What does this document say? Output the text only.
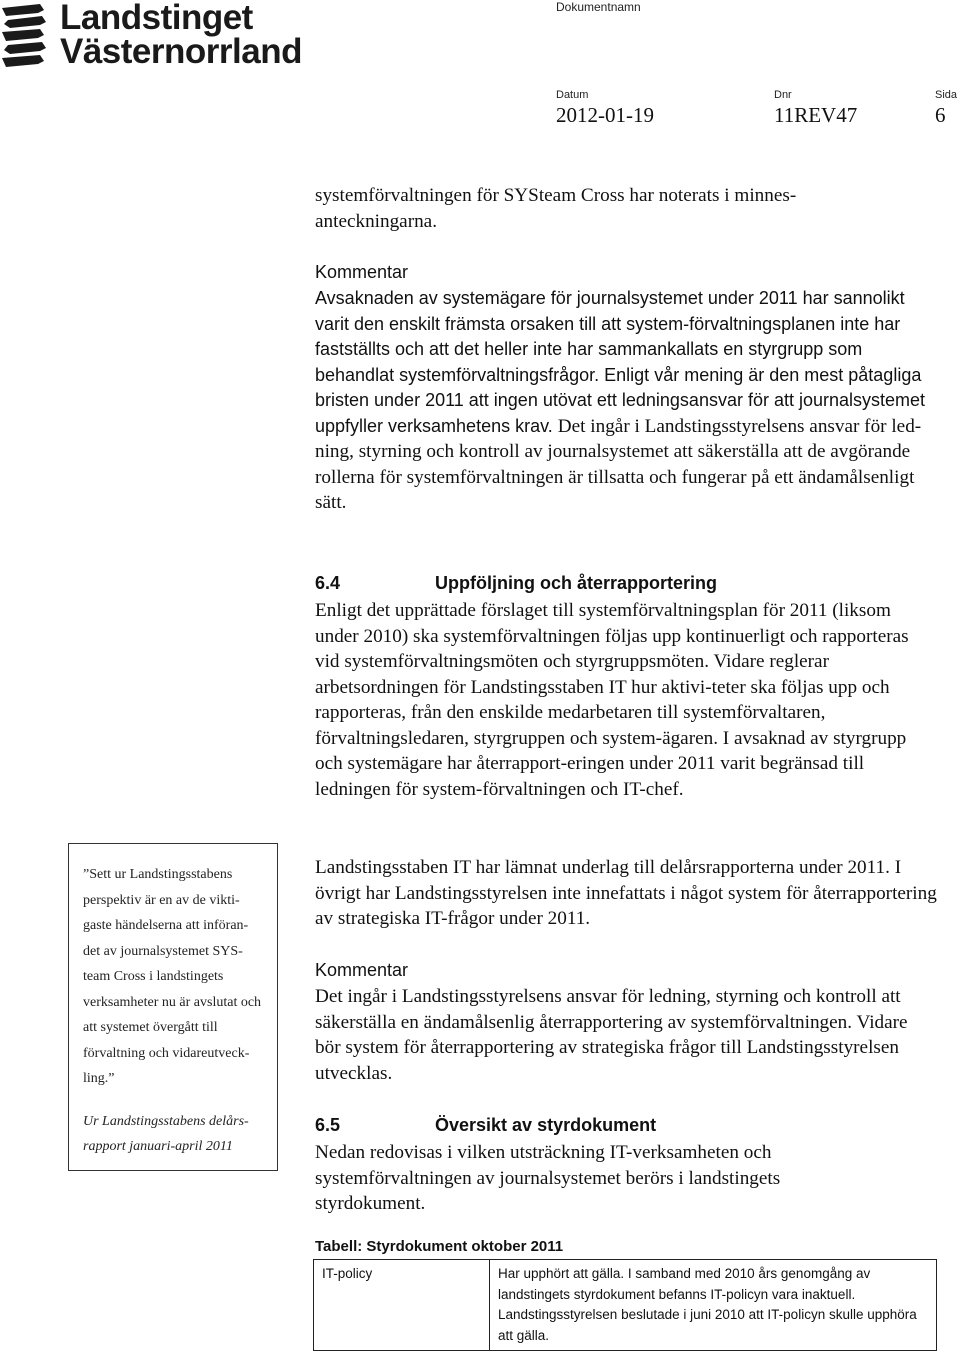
Landstinget
Västernorrland
Dokumentnamn
Datum	Dnr	Sida
2012-01-19	11REV47	6
systemförvaltningen för SYSteam Cross har noterats i minnes-anteckningarna.
Kommentar
Avsaknaden av systemägare för journalsystemet under 2011 har sannolikt varit den enskilt främsta orsaken till att system-förvaltningsplanen inte har fastställts och att det heller inte har sammankallats en styrgrupp som behandlat systemförvaltningsfrågor. Enligt vår mening är den mest påtagliga bristen under 2011 att ingen utövat ett ledningsansvar för att journalsystemet uppfyller verksamhetens krav. Det ingår i Landstingsstyrelsens ansvar för led-ning, styrning och kontroll av journalsystemet att säkerställa att de avgörande rollerna för systemförvaltningen är tillsatta och fungerar på ett ändamålsenligt sätt.
6.4	Uppföljning och återrapportering
Enligt det upprättade förslaget till systemförvaltningsplan för 2011 (liksom under 2010) ska systemförvaltningen följas upp kontinuerligt och rapporteras vid systemförvaltningsmöten och styrgruppsmöten. Vidare reglerar arbetsordningen för Landstingsstaben IT hur aktivi-teter ska följas upp och rapporteras, från den enskilde medarbetaren till systemförvaltaren, förvaltningsledaren, styrgruppen och system-ägaren. I avsaknad av styrgrupp och systemägare har återrapport-eringen under 2011 varit begränsad till ledningen för system-förvaltningen och IT-chef.
Landstingsstaben IT har lämnat underlag till delårsrapporterna under 2011. I övrigt har Landstingsstyrelsen inte innefattats i något system för återrapportering av strategiska IT-frågor under 2011.
Kommentar
Det ingår i Landstingsstyrelsens ansvar för ledning, styrning och kontroll att säkerställa en ändamålsenlig återrapportering av systemförvaltningen. Vidare bör system för återrapportering av strategiska frågor till Landstingsstyrelsen utvecklas.
6.5	Översikt av styrdokument
Nedan redovisas i vilken utsträckning IT-verksamheten och systemförvaltningen av journalsystemet berörs i landstingets styrdokument.
”Sett ur Landstingsstabens perspektiv är en av de vikti-gaste händelserna att införan-det av journalsystemet SYS-team Cross i landstingets verksamheter nu är avslutat och att systemet övergått till förvaltning och vidareutveck-ling.”
Ur Landstingsstabens delårs-rapport januari-april 2011
Tabell: Styrdokument oktober 2011
IT-policy	Har upphört att gälla. I samband med 2010 års genomgång av landstingets styrdokument befanns IT-policyn vara inaktuell. Landstingsstyrelsen beslutade i juni 2010 att IT-policyn skulle upphöra att gälla.
